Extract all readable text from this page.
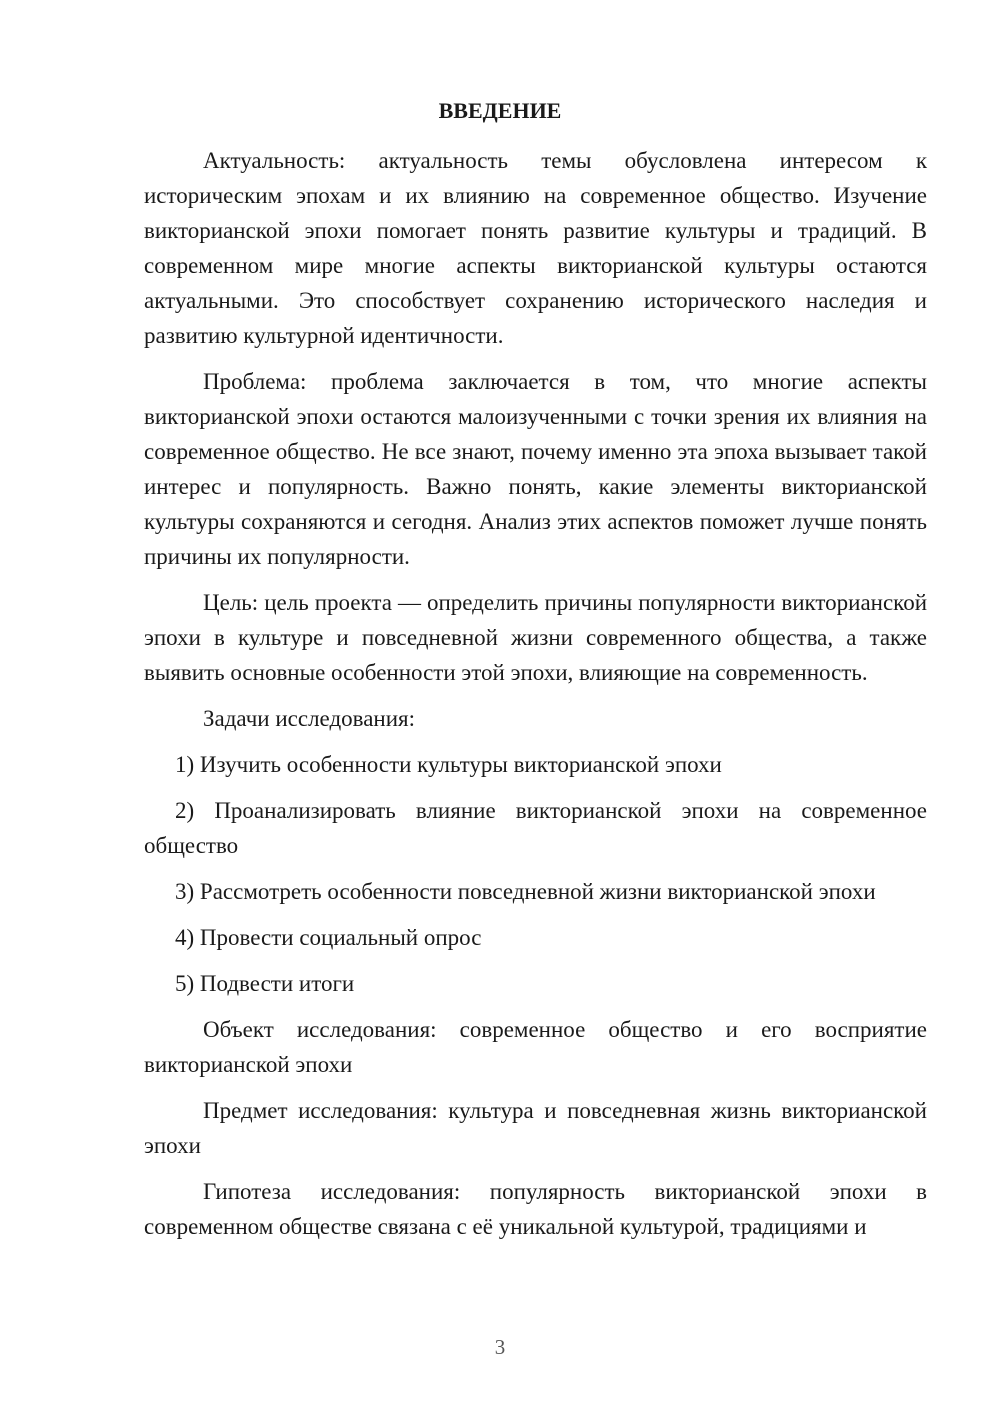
ВВЕДЕНИЕ

Актуальность: актуальность темы обусловлена интересом к историческим эпохам и их влиянию на современное общество. Изучение викторианской эпохи помогает понять развитие культуры и традиций. В современном мире многие аспекты викторианской культуры остаются актуальными. Это способствует сохранению исторического наследия и развитию культурной идентичности.

Проблема: проблема заключается в том, что многие аспекты викторианской эпохи остаются малоизученными с точки зрения их влияния на современное общество. Не все знают, почему именно эта эпоха вызывает такой интерес и популярность. Важно понять, какие элементы викторианской культуры сохраняются и сегодня. Анализ этих аспектов поможет лучше понять причины их популярности.

Цель: цель проекта — определить причины популярности викторианской эпохи в культуре и повседневной жизни современного общества, а также выявить основные особенности этой эпохи, влияющие на современность.

Задачи исследования:

1) Изучить особенности культуры викторианской эпохи

2) Проанализировать влияние викторианской эпохи на современное общество

3) Рассмотреть особенности повседневной жизни викторианской эпохи

4) Провести социальный опрос

5) Подвести итоги

Объект исследования: современное общество и его восприятие викторианской эпохи

Предмет исследования: культура и повседневная жизнь викторианской эпохи

Гипотеза исследования: популярность викторианской эпохи в современном обществе связана с её уникальной культурой, традициями и

3
